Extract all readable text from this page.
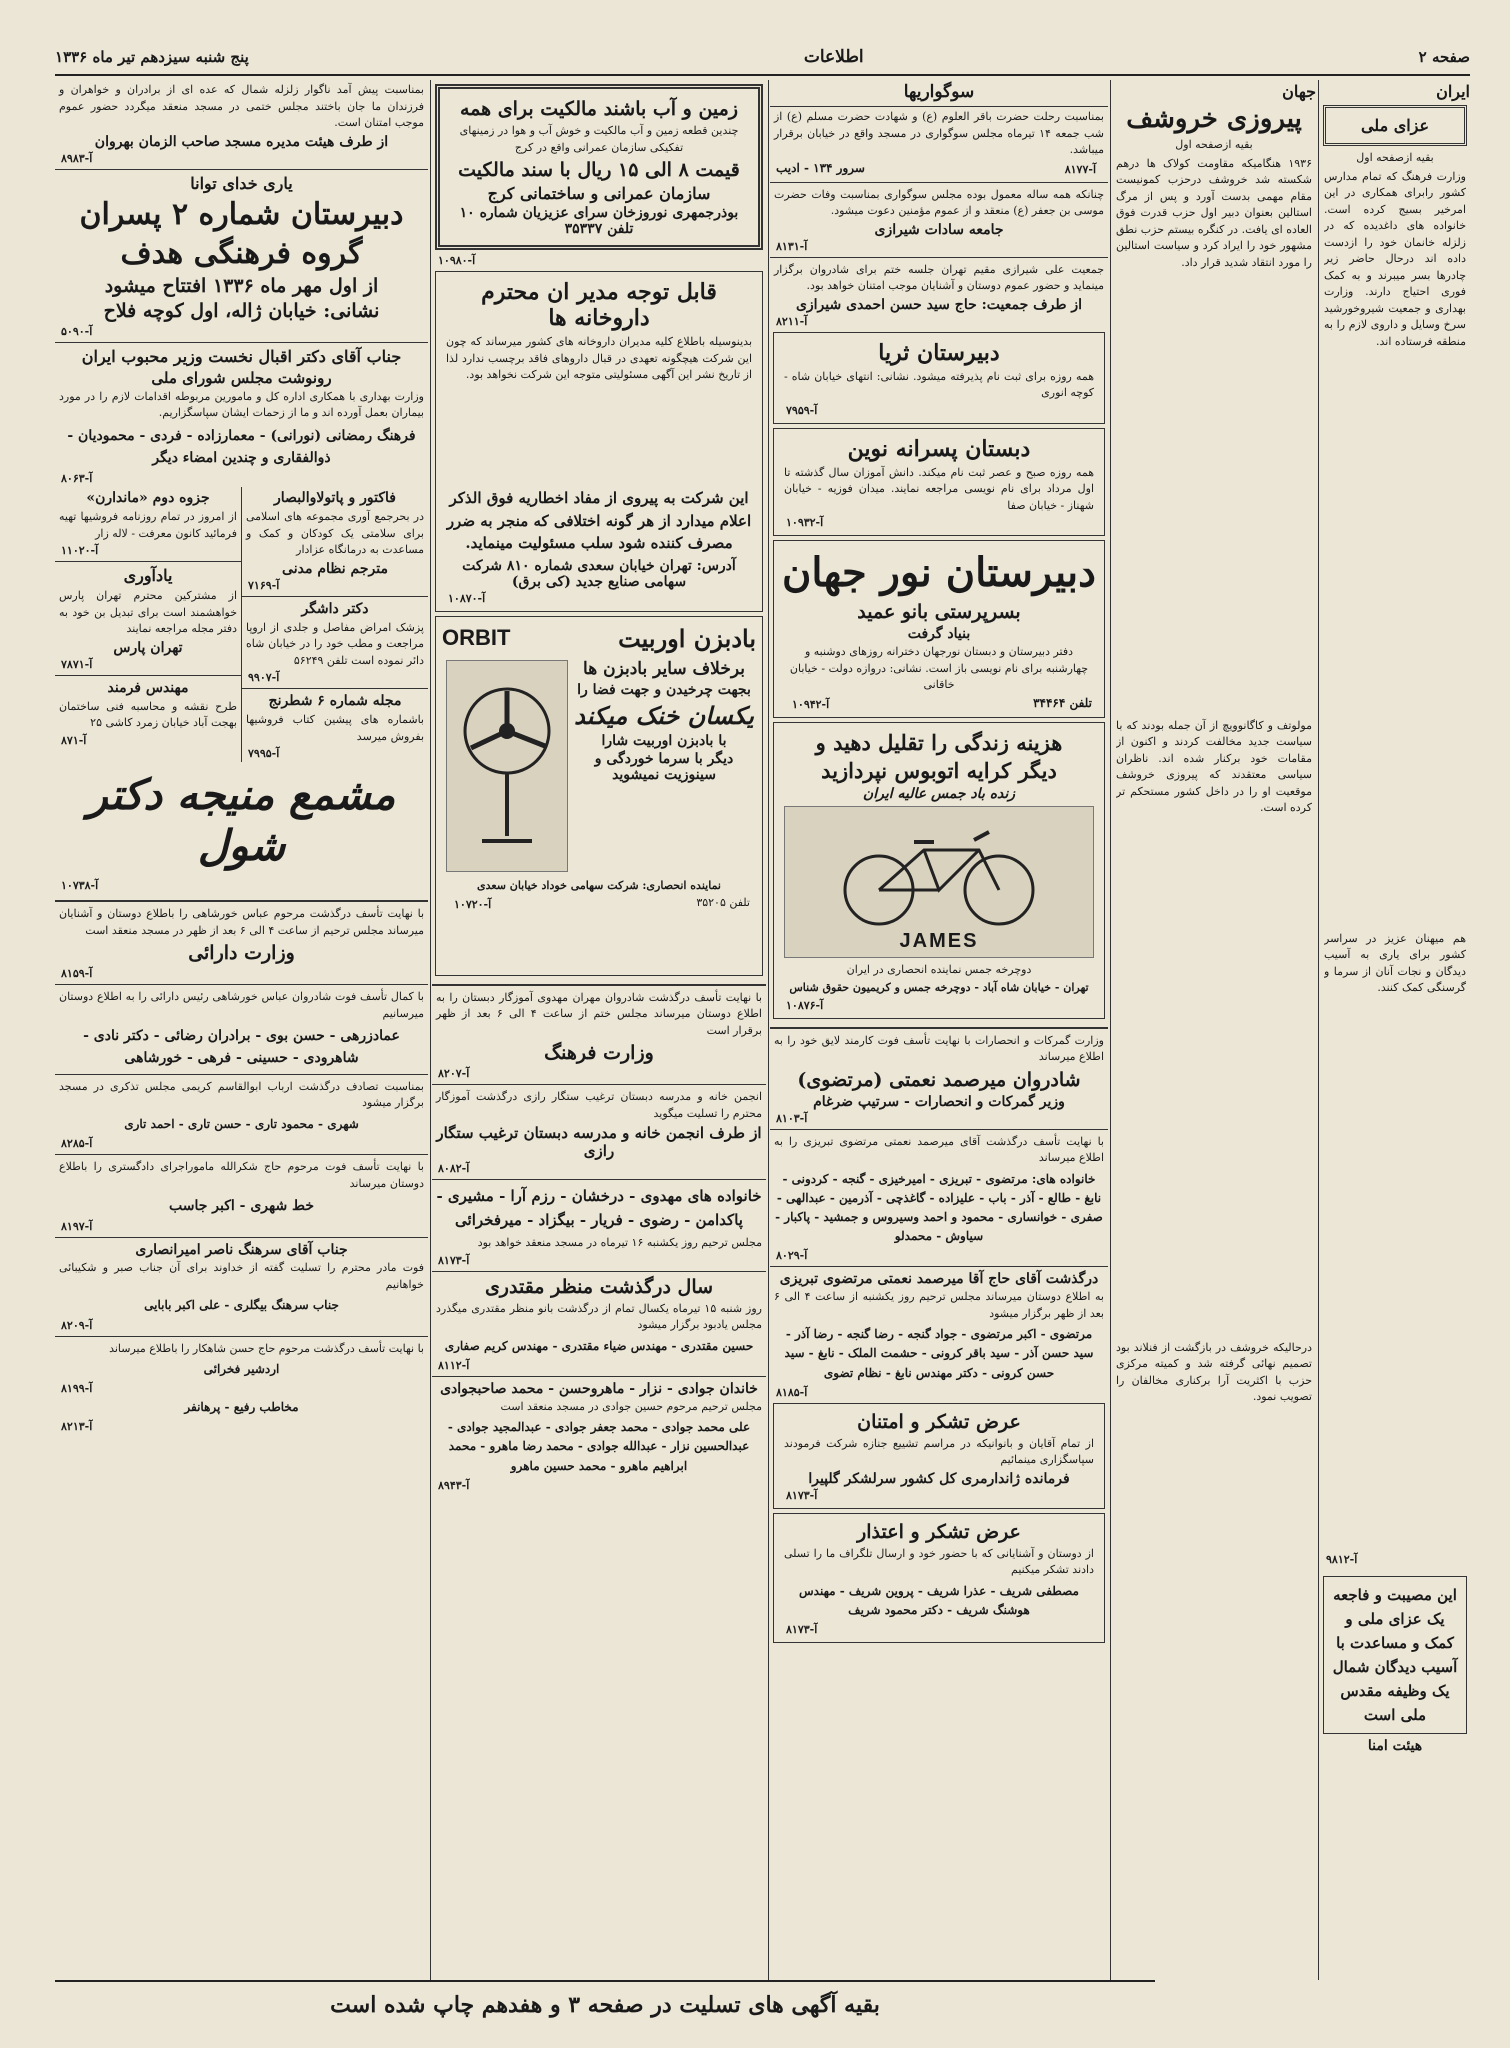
صفحه ۲
اطلاعات
پنج شنبه سیزدهم تیر ماه ۱۳۳۶
ایران
عزای ملی
بقیه ازصفحه اول
وزارت فرهنگ که تمام مدارس کشور رابرای همکاری در این امرخیر بسیج کرده است. خانواده های داغدیده که در زلزله خانمان خود را ازدست داده اند درحال حاضر زیر چادرها بسر میبرند و به کمک فوری احتیاج دارند. وزارت بهداری و جمعیت شیروخورشید سرخ وسایل و داروی لازم را به منطقه فرستاده اند.
هم میهنان عزیز در سراسر کشور برای یاری به آسیب دیدگان و نجات آنان از سرما و گرسنگی کمک کنند.
آ-۹۸۱۲
این مصیبت و فاجعه یک عزای ملی و کمک و مساعدت با آسیب دیدگان شمال یک وظیفه مقدس ملی است
هیئت امنا
جهان
پیروزی خروشف
بقیه ازصفحه اول
۱۹۳۶ هنگامیکه مقاومت کولاک ها درهم شکسته شد خروشف درحزب کمونیست مقام مهمی بدست آورد و پس از مرگ استالین بعنوان دبیر اول حزب قدرت فوق العاده ای یافت. در کنگره بیستم حزب نطق مشهور خود را ایراد کرد و سیاست استالین را مورد انتقاد شدید قرار داد.
مولوتف و کاگانوویچ از آن جمله بودند که با سیاست جدید مخالفت کردند و اکنون از مقامات خود برکنار شده اند. ناظران سیاسی معتقدند که پیروزی خروشف موقعیت او را در داخل کشور مستحکم تر کرده است.
درحالیکه خروشف در بازگشت از فنلاند بود تصمیم نهائی گرفته شد و کمیته مرکزی حزب با اکثریت آرا برکناری مخالفان را تصویب نمود.
سوگواریها
بمناسبت رحلت حضرت باقر العلوم (ع) و شهادت حضرت مسلم (ع) از شب جمعه ۱۴ تیرماه مجلس سوگواری در مسجد واقع در خیابان برقرار میباشد.
آ-۸۱۷۷
سرور ۱۳۴ - ادیب
چنانکه همه ساله معمول بوده مجلس سوگواری بمناسبت وفات حضرت موسی بن جعفر (ع) منعقد و از عموم مؤمنین دعوت میشود.
جامعه سادات شیرازی
آ-۸۱۳۱
جمعیت علی شیرازی مقیم تهران جلسه ختم برای شادروان برگزار مینماید و حضور عموم دوستان و آشنایان موجب امتنان خواهد بود.
از طرف جمعیت: حاج سید حسن احمدی شیرازی
آ-۸۲۱۱
دبیرستان ثریا
همه روزه برای ثبت نام پذیرفته میشود. نشانی: انتهای خیابان شاه - کوچه انوری
آ-۷۹۵۹
دبستان پسرانه نوین
همه روزه صبح و عصر ثبت نام میکند. دانش آموزان سال گذشته تا اول مرداد برای نام نویسی مراجعه نمایند. میدان فوزیه - خیابان شهناز - خیابان صفا
آ-۱۰۹۳۲
دبیرستان نور جهان
بسرپرستی بانو عمید
بنیاد گرفت
دفتر دبیرستان و دبستان نورجهان دخترانه روزهای دوشنبه و چهارشنبه برای نام نویسی باز است. نشانی: دروازه دولت - خیابان خاقانی
تلفن ۳۴۴۶۴
آ-۱۰۹۴۲
هزینه زندگی را تقلیل دهید و
دیگر کرایه اتوبوس نپردازید
زنده باد جمس عالیه ایران
JAMES
دوچرخه جمس نماینده انحصاری در ایران
تهران - خیابان شاه آباد - دوچرخه جمس و کریمیون حقوق شناس
آ-۱۰۸۷۶
وزارت گمرکات و انحصارات با نهایت تأسف فوت کارمند لایق خود را به اطلاع میرساند
شادروان میرصمد نعمتی (مرتضوی)
وزیر گمرکات و انحصارات - سرتیپ ضرغام
آ-۸۱۰۳
با نهایت تأسف درگذشت آقای میرصمد نعمتی مرتضوی تبریزی را به اطلاع میرساند
خانواده های: مرتضوی - تبریزی - امیرخیزی - گنجه - کردونی - نابغ - طالع - آذر - باب - علیزاده - گاغذچی - آذرمین - عبدالهی - صفری - خوانساری - محمود و احمد وسیروس و جمشید - پاکبار - سیاوش - محمدلو
آ-۸۰۲۹
درگذشت آقای حاج آقا میرصمد نعمتی مرتضوی تبریزی
به اطلاع دوستان میرساند مجلس ترحیم روز یکشنبه از ساعت ۴ الی ۶ بعد از ظهر برگزار میشود
مرتضوی - اکبر مرتضوی - جواد گنجه - رضا گنجه - رضا آذر - سید حسن آذر - سید باقر کرونی - حشمت الملک - نابغ - سید حسن کرونی - دکتر مهندس نابغ - نظام تضوی
آ-۸۱۸۵
عرض تشکر و امتنان
از تمام آقایان و بانوانیکه در مراسم تشییع جنازه شرکت فرمودند سپاسگزاری مینمائیم
فرمانده ژاندارمری کل کشور سرلشکر گلپیرا
آ-۸۱۷۳
عرض تشکر و اعتذار
از دوستان و آشنایانی که با حضور خود و ارسال تلگراف ما را تسلی دادند تشکر میکنیم
مصطفی شریف - عذرا شریف - پروین شریف - مهندس هوشنگ شریف - دکتر محمود شریف
آ-۸۱۷۳
زمین و آب باشند مالکیت برای همه
چندین قطعه زمین و آب مالکیت و خوش آب و هوا در زمینهای تفکیکی سازمان عمرانی واقع در کرج
قیمت ۸ الی ۱۵ ریال با سند مالکیت
سازمان عمرانی و ساختمانی کرج
بوذرجمهری نوروزخان سرای عزیزیان شماره ۱۰ تلفن ۳۵۳۳۷
آ-۱۰۹۸۰
قابل توجه مدیر ان محترم داروخانه ها
بدینوسیله باطلاع کلیه مدیران داروخانه های کشور میرساند که چون این شرکت هیچگونه تعهدی در قبال داروهای فاقد برچسب ندارد لذا از تاریخ نشر این آگهی مسئولیتی متوجه این شرکت نخواهد بود.
این شرکت به پیروی از مفاد اخطاریه فوق الذکر اعلام میدارد از هر گونه اختلافی که منجر به ضرر مصرف کننده شود سلب مسئولیت مینماید.
آدرس: تهران خیابان سعدی شماره ۸۱۰ شرکت سهامی صنایع جدید (کی برق)
آ-۱۰۸۷۰
بادبزن اوربیت
ORBIT
برخلاف سایر بادبزن ها
بجهت چرخیدن و جهت فضا را
یکسان خنک میکند
با بادبزن اوربیت شارا
دیگر با سرما خوردگی و سینوزیت نمیشوید
نماینده انحصاری: شرکت سهامی خوداد خیابان سعدی
تلفن ۳۵۲۰۵
آ-۱۰۷۲۰
با نهایت تأسف درگذشت شادروان مهران مهدوی آموزگار دبستان را به اطلاع دوستان میرساند مجلس ختم از ساعت ۴ الی ۶ بعد از ظهر برقرار است
وزارت فرهنگ
آ-۸۲۰۷
انجمن خانه و مدرسه دبستان ترغیب ستگار رازی درگذشت آموزگار محترم را تسلیت میگوید
از طرف انجمن خانه و مدرسه دبستان ترغیب ستگار رازی
آ-۸۰۸۲
خانواده های مهدوی - درخشان - رزم آرا - مشیری - پاکدامن - رضوی - فریار - بیگزاد - میرفخرائی
مجلس ترحیم روز یکشنبه ۱۶ تیرماه در مسجد منعقد خواهد بود
آ-۸۱۷۳
سال درگذشت منظر مقتدری
روز شنبه ۱۵ تیرماه یکسال تمام از درگذشت بانو منظر مقتدری میگذرد مجلس یادبود برگزار میشود
حسین مقتدری - مهندس ضیاء مقتدری - مهندس کریم صفاری
آ-۸۱۱۲
خاندان جوادی - نزار - ماهروحسن - محمد صاحبجوادی
مجلس ترحیم مرحوم حسین جوادی در مسجد منعقد است
علی محمد جوادی - محمد جعفر جوادی - عبدالمجید جوادی - عبدالحسین نزار - عبدالله جوادی - محمد رضا ماهرو - محمد ابراهیم ماهرو - محمد حسین ماهرو
آ-۸۹۴۳
بمناسبت پیش آمد ناگوار زلزله شمال که عده ای از برادران و خواهران و فرزندان ما جان باختند مجلس ختمی در مسجد منعقد میگردد حضور عموم موجب امتنان است.
از طرف هیئت مدیره مسجد صاحب الزمان بهروان
آ-۸۹۸۳
یاری خدای توانا
دبیرستان شماره ۲ پسران
گروه فرهنگی هدف
از اول مهر ماه ۱۳۳۶ افتتاح میشود
نشانی: خیابان ژاله، اول کوچه فلاح
آ-۵۰۹۰
جناب آقای دکتر اقبال نخست وزیر محبوب ایران
رونوشت مجلس شورای ملی
وزارت بهداری با همکاری اداره کل و مامورین مربوطه اقدامات لازم را در مورد بیماران بعمل آورده اند و ما از زحمات ایشان سپاسگزاریم.
فرهنگ رمضانی (نورانی) - معمارزاده - فردی - محمودیان - ذوالفقاری و چندین امضاء دیگر
آ-۸۰۶۳
فاکتور و پاتولاوالبصار
در بحرجمع آوری مجموعه های اسلامی برای سلامتی یک کودکان و کمک و مساعدت به درمانگاه عزادار
مترجم نظام مدنی
آ-۷۱۶۹
دکتر داشگر
پزشک امراض مفاصل و جلدی از اروپا مراجعت و مطب خود را در خیابان شاه دائر نموده است تلفن ۵۶۲۴۹
آ-۹۹۰۷
مجله شماره ۶ شطرنج
باشماره های پیشین کتاب فروشیها بفروش میرسد
آ-۷۹۹۵
جزوه دوم «ماندارن»
از امروز در تمام روزنامه فروشیها تهیه فرمائید کانون معرفت - لاله زار
آ-۱۱۰۲۰
یادآوری
از مشترکین محترم تهران پارس خواهشمند است برای تبدیل بن خود به دفتر مجله مراجعه نمایند
تهران پارس
آ-۷۸۷۱
مهندس فرمند
طرح نقشه و محاسبه فنی ساختمان بهجت آباد خیابان زمرد کاشی ۲۵
آ-۸۷۱
مشمع منیجه دکتر شول
آ-۱۰۷۳۸
با نهایت تأسف درگذشت مرحوم عباس خورشاهی را باطلاع دوستان و آشنایان میرساند مجلس ترحیم از ساعت ۴ الی ۶ بعد از ظهر در مسجد منعقد است
وزارت دارائی
آ-۸۱۵۹
با کمال تأسف فوت شادروان عباس خورشاهی رئیس دارائی را به اطلاع دوستان میرسانیم
عمادزرهی - حسن بوی - برادران رضائی - دکتر نادی - شاهرودی - حسینی - فرهی - خورشاهی
بمناسبت تصادف درگذشت ارباب ابوالقاسم کریمی مجلس تذکری در مسجد برگزار میشود
شهری - محمود تاری - حسن تاری - احمد تاری
آ-۸۲۸۵
با نهایت تأسف فوت مرحوم حاج شکرالله ماموراجرای دادگستری را باطلاع دوستان میرساند
خط شهری - اکبر جاسب
آ-۸۱۹۷
جناب آقای سرهنگ ناصر امیرانصاری
فوت مادر محترم را تسلیت گفته از خداوند برای آن جناب صبر و شکیبائی خواهانیم
جناب سرهنگ بیگلری - علی اکبر بابایی
آ-۸۲۰۹
با نهایت تأسف درگذشت مرحوم حاج حسن شاهکار را باطلاع میرساند
اردشیر فخرائی
آ-۸۱۹۹
مخاطب رفیع - پرهانفر
آ-۸۲۱۳
بقیه آگهی های تسلیت در صفحه ۳ و هفدهم چاپ شده است
